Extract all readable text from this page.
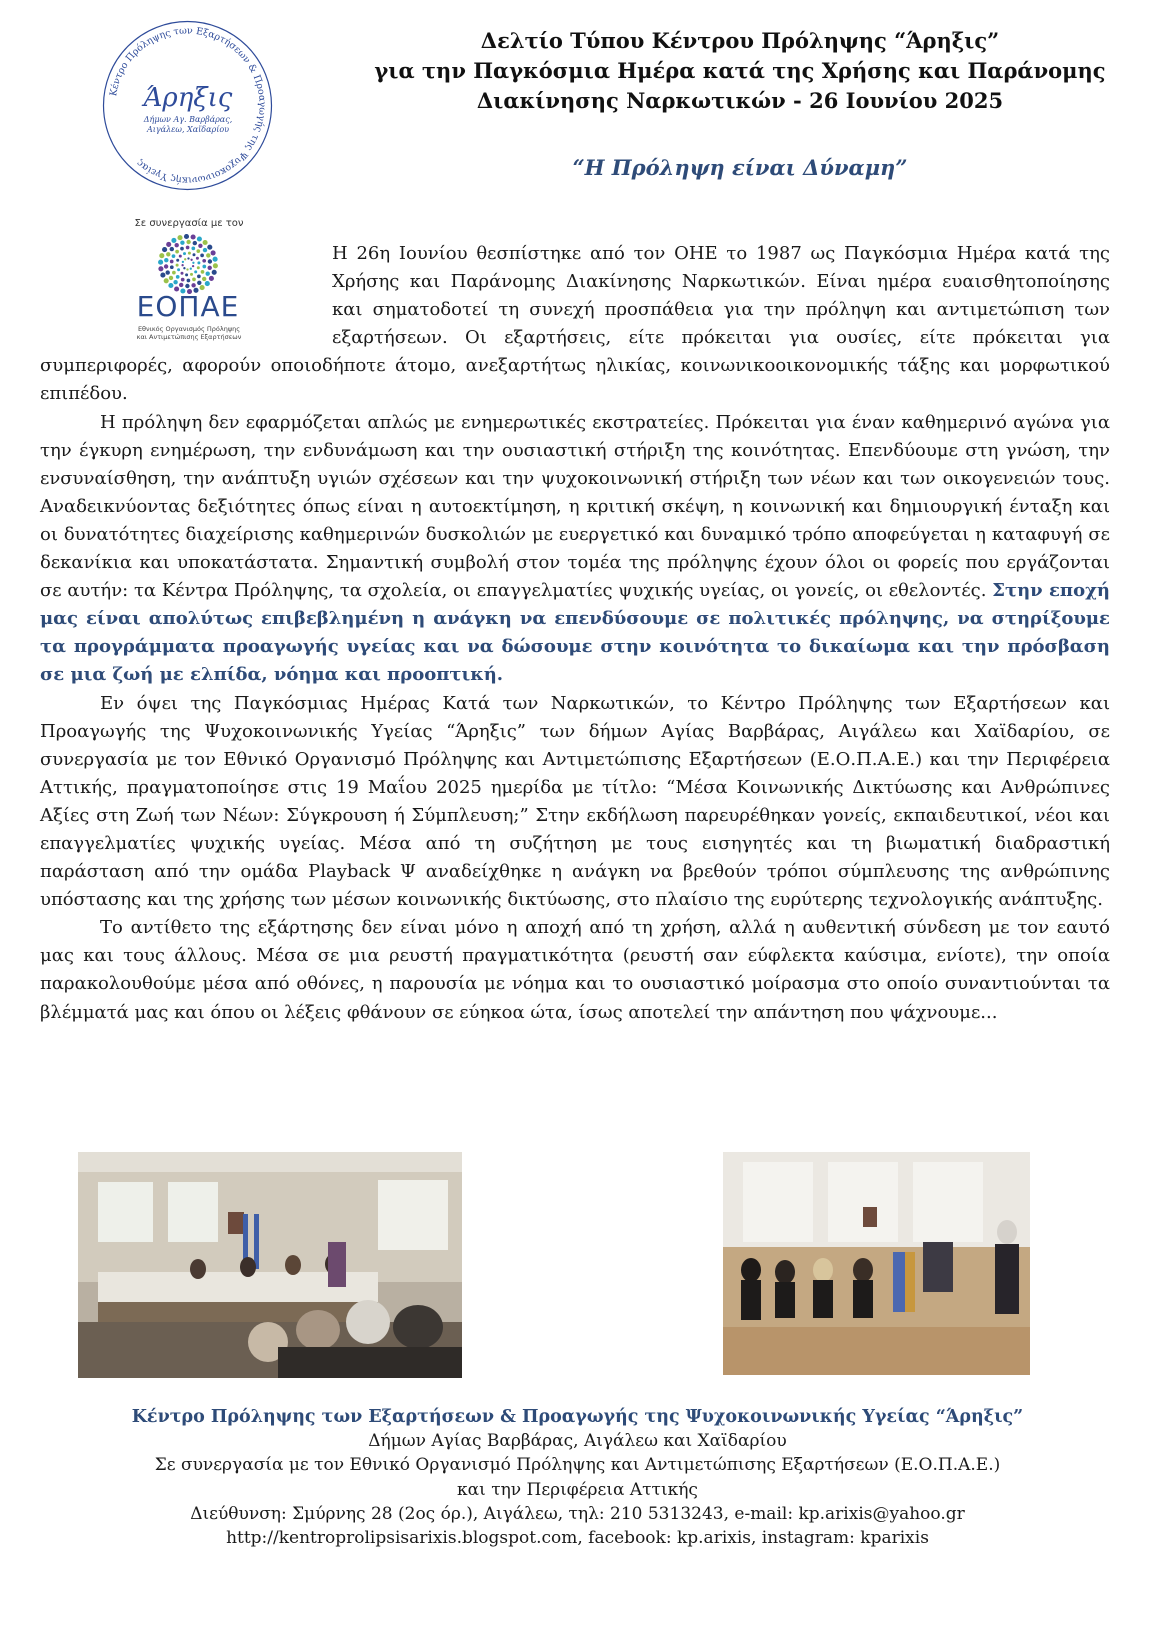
Κέντρο Πρόληψης των Εξαρτήσεων & Προαγωγής της Ψυχοκοινωνικής Υγείας
Άρηξις
Δήμων Αγ. Βαρβάρας,
Αιγάλεω, Χαϊδαρίου
Σε συνεργασία με τον
ΕΟΠΑΕ
Εθνικός Οργανισμός Πρόληψης
και Αντιμετώπισης Εξαρτήσεων
Δελτίο Τύπου Κέντρου Πρόληψης “Άρηξις”
για την Παγκόσμια Ημέρα κατά της Χρήσης και Παράνομης
Διακίνησης Ναρκωτικών - 26 Ιουνίου 2025
“Η Πρόληψη είναι Δύναμη”

Η 26η Ιουνίου θεσπίστηκε από τον ΟΗΕ το 1987 ως Παγκόσμια Ημέρα κατά της Χρήσης και Παράνομης Διακίνησης Ναρκωτικών. Είναι ημέρα ευαισθητοποίησης και σηματοδοτεί τη συνεχή προσπάθεια για την πρόληψη και αντιμετώπιση των εξαρτήσεων. Οι εξαρτήσεις, είτε πρόκειται για ουσίες, είτε πρόκειται για συμπεριφορές, αφορούν οποιοδήποτε άτομο, ανεξαρτήτως ηλικίας, κοινωνικοοικονομικής τάξης και μορφωτικού επιπέδου.

Η πρόληψη δεν εφαρμόζεται απλώς με ενημερωτικές εκστρατείες. Πρόκειται για έναν καθημερινό αγώνα για την έγκυρη ενημέρωση, την ενδυνάμωση και την ουσιαστική στήριξη της κοινότητας. Επενδύουμε στη γνώση, την ενσυναίσθηση, την ανάπτυξη υγιών σχέσεων και την ψυχοκοινωνική στήριξη των νέων και των οικογενειών τους. Αναδεικνύοντας δεξιότητες όπως είναι η αυτοεκτίμηση, η κριτική σκέψη, η κοινωνική και δημιουργική ένταξη και οι δυνατότητες διαχείρισης καθημερινών δυσκολιών με ευεργετικό και δυναμικό τρόπο αποφεύγεται η καταφυγή σε δεκανίκια και υποκατάστατα. Σημαντική συμβολή στον τομέα της πρόληψης έχουν όλοι οι φορείς που εργάζονται σε αυτήν: τα Κέντρα Πρόληψης, τα σχολεία, οι επαγγελματίες ψυχικής υγείας, οι γονείς, οι εθελοντές. Στην εποχή μας είναι απολύτως επιβεβλημένη η ανάγκη να επενδύσουμε σε πολιτικές πρόληψης, να στηρίξουμε τα προγράμματα προαγωγής υγείας και να δώσουμε στην κοινότητα το δικαίωμα και την πρόσβαση σε μια ζωή με ελπίδα, νόημα και προοπτική.

Εν όψει της Παγκόσμιας Ημέρας Κατά των Ναρκωτικών, το Κέντρο Πρόληψης των Εξαρτήσεων και Προαγωγής της Ψυχοκοινωνικής Υγείας “Άρηξις” των δήμων Αγίας Βαρβάρας, Αιγάλεω και Χαϊδαρίου, σε συνεργασία με τον Εθνικό Οργανισμό Πρόληψης και Αντιμετώπισης Εξαρτήσεων (Ε.Ο.Π.Α.Ε.) και την Περιφέρεια Αττικής, πραγματοποίησε στις 19 Μαΐου 2025 ημερίδα με τίτλο: “Μέσα Κοινωνικής Δικτύωσης και Ανθρώπινες Αξίες στη Ζωή των Νέων: Σύγκρουση ή Σύμπλευση;” Στην εκδήλωση παρευρέθηκαν γονείς, εκπαιδευτικοί, νέοι και επαγγελματίες ψυχικής υγείας. Μέσα από τη συζήτηση με τους εισηγητές και τη βιωματική διαδραστική παράσταση από την ομάδα Playback Ψ αναδείχθηκε η ανάγκη να βρεθούν τρόποι σύμπλευσης της ανθρώπινης υπόστασης και της χρήσης των μέσων κοινωνικής δικτύωσης, στο πλαίσιο της ευρύτερης τεχνολογικής ανάπτυξης.

Το αντίθετο της εξάρτησης δεν είναι μόνο η αποχή από τη χρήση, αλλά η αυθεντική σύνδεση με τον εαυτό μας και τους άλλους. Μέσα σε μια ρευστή πραγματικότητα (ρευστή σαν εύφλεκτα καύσιμα, ενίοτε), την οποία παρακολουθούμε μέσα από οθόνες, η παρουσία με νόημα και το ουσιαστικό μοίρασμα στο οποίο συναντιούνται τα βλέμματά μας και όπου οι λέξεις φθάνουν σε εύηκοα ώτα, ίσως αποτελεί την απάντηση που ψάχνουμε...

Κέντρο Πρόληψης των Εξαρτήσεων & Προαγωγής της Ψυχοκοινωνικής Υγείας “Άρηξις”
Δήμων Αγίας Βαρβάρας, Αιγάλεω και Χαϊδαρίου
Σε συνεργασία με τον Εθνικό Οργανισμό Πρόληψης και Αντιμετώπισης Εξαρτήσεων (Ε.Ο.Π.Α.Ε.)
και την Περιφέρεια Αττικής
Διεύθυνση: Σμύρνης 28 (2ος όρ.), Αιγάλεω, τηλ: 210 5313243, e-mail: kp.arixis@yahoo.gr
http://kentroprolipsisarixis.blogspot.com, facebook: kp.arixis, instagram: kparixis
